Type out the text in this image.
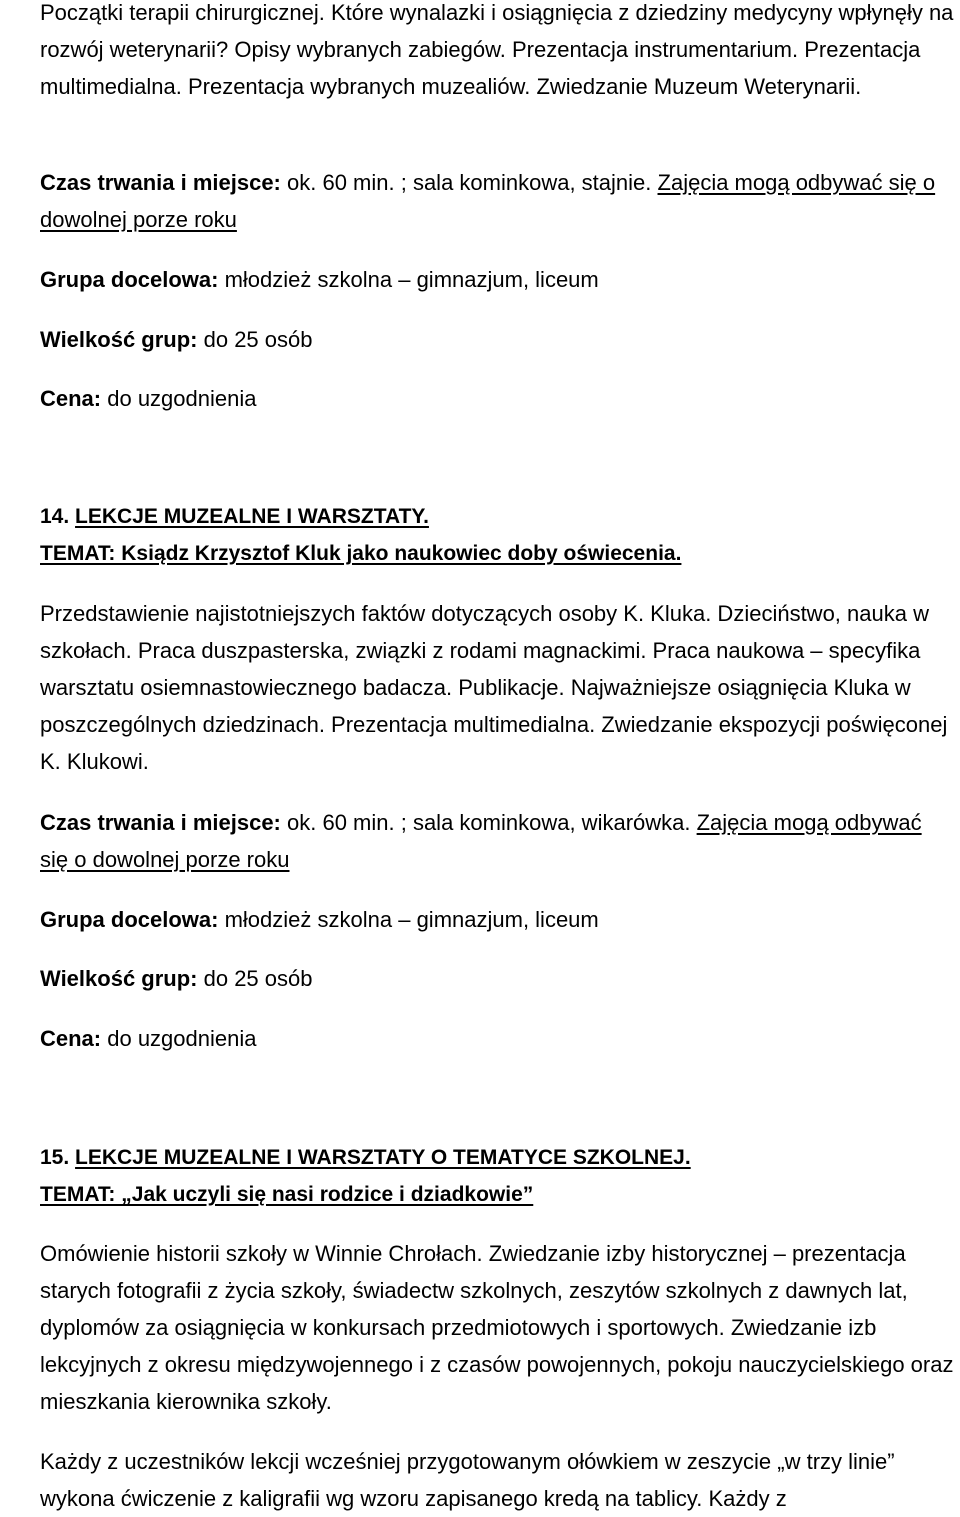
Początki terapii chirurgicznej. Które wynalazki i osiągnięcia z dziedziny medycyny wpłynęły na rozwój weterynarii? Opisy wybranych zabiegów. Prezentacja instrumentarium. Prezentacja multimedialna. Prezentacja wybranych muzealiów. Zwiedzanie Muzeum Weterynarii.
Czas trwania i miejsce: ok. 60 min. ; sala kominkowa, stajnie. Zajęcia mogą odbywać się o dowolnej porze roku
Grupa docelowa: młodzież szkolna – gimnazjum, liceum
Wielkość grup: do 25 osób
Cena: do uzgodnienia
14. LEKCJE MUZEALNE I WARSZTATY.
TEMAT: Ksiądz Krzysztof Kluk jako naukowiec doby oświecenia.
Przedstawienie najistotniejszych faktów dotyczących osoby K. Kluka. Dzieciństwo, nauka w szkołach. Praca duszpasterska, związki z rodami magnackimi. Praca naukowa – specyfika warsztatu osiemnastowiecznego badacza. Publikacje. Najważniejsze osiągnięcia Kluka w poszczególnych dziedzinach. Prezentacja multimedialna. Zwiedzanie ekspozycji poświęconej K. Klukowi.
Czas trwania i miejsce: ok. 60 min. ; sala kominkowa, wikarówka. Zajęcia mogą odbywać się o dowolnej porze roku
Grupa docelowa: młodzież szkolna – gimnazjum, liceum
Wielkość grup: do 25 osób
Cena: do uzgodnienia
15. LEKCJE MUZEALNE I WARSZTATY O TEMATYCE SZKOLNEJ.
TEMAT: „Jak uczyli się nasi rodzice i dziadkowie”
Omówienie historii szkoły w Winnie Chrołach. Zwiedzanie izby historycznej – prezentacja starych fotografii z życia szkoły, świadectw szkolnych, zeszytów szkolnych z dawnych lat, dyplomów za osiągnięcia w konkursach przedmiotowych i sportowych. Zwiedzanie izb lekcyjnych z okresu międzywojennego i z czasów powojennych, pokoju nauczycielskiego oraz mieszkania kierownika szkoły.
Każdy z uczestników lekcji wcześniej przygotowanym ołówkiem w zeszycie „w trzy linie” wykona ćwiczenie z kaligrafii wg wzoru zapisanego kredą na tablicy. Każdy z
